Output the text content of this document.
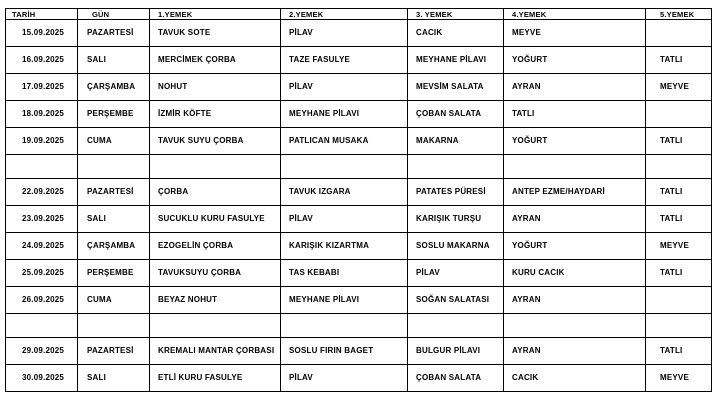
TARİH	GÜN	1.YEMEK	2.YEMEK	3. YEMEK	4.YEMEK	5.YEMEK
15.09.2025	PAZARTESİ	TAVUK SOTE	PİLAV	CACIK	MEYVE	
16.09.2025	SALI	MERCİMEK ÇORBA	TAZE FASULYE	MEYHANE PİLAVI	YOĞURT	TATLI
17.09.2025	ÇARŞAMBA	NOHUT	PİLAV	MEVSİM SALATA	AYRAN	MEYVE
18.09.2025	PERŞEMBE	İZMİR KÖFTE	MEYHANE PİLAVI	ÇOBAN SALATA	TATLI	
19.09.2025	CUMA	TAVUK SUYU ÇORBA	PATLICAN MUSAKA	MAKARNA	YOĞURT	TATLI

22.09.2025	PAZARTESİ	ÇORBA	TAVUK IZGARA	PATATES PÜRESİ	ANTEP EZME/HAYDARİ	TATLI
23.09.2025	SALI	SUCUKLU KURU FASULYE	PİLAV	KARIŞIK TURŞU	AYRAN	TATLI
24.09.2025	ÇARŞAMBA	EZOGELİN ÇORBA	KARIŞIK KIZARTMA	SOSLU MAKARNA	YOĞURT	MEYVE
25.09.2025	PERŞEMBE	TAVUKSUYU ÇORBA	TAS KEBABI	PİLAV	KURU CACIK	TATLI
26.09.2025	CUMA	BEYAZ NOHUT	MEYHANE PİLAVI	SOĞAN SALATASI	AYRAN	

29.09.2025	PAZARTESİ	KREMALI MANTAR ÇORBASI	SOSLU FIRIN BAGET	BULGUR PİLAVI	AYRAN	TATLI
30.09.2025	SALI	ETLİ KURU FASULYE	PİLAV	ÇOBAN SALATA	CACIK	MEYVE
